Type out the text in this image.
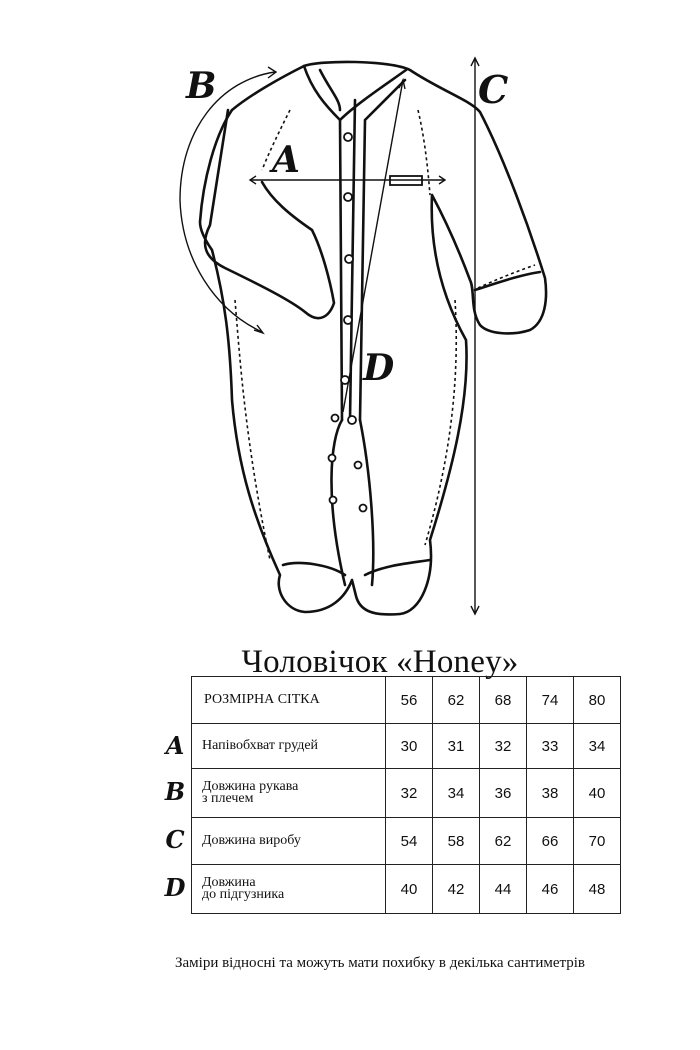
A
B	C
D
Чоловічок «Honey»
A
B
C
D
РОЗМІРНА СІТКА	56	62	68	74	80
Напівобхват грудей	30	31	32	33	34
Довжина рукава
з плечем	32	34	36	38	40
Довжина виробу	54	58	62	66	70
Довжина
до підгузника	40	42	44	46	48
Заміри відносні та можуть мати похибку в декілька сантиметрів
